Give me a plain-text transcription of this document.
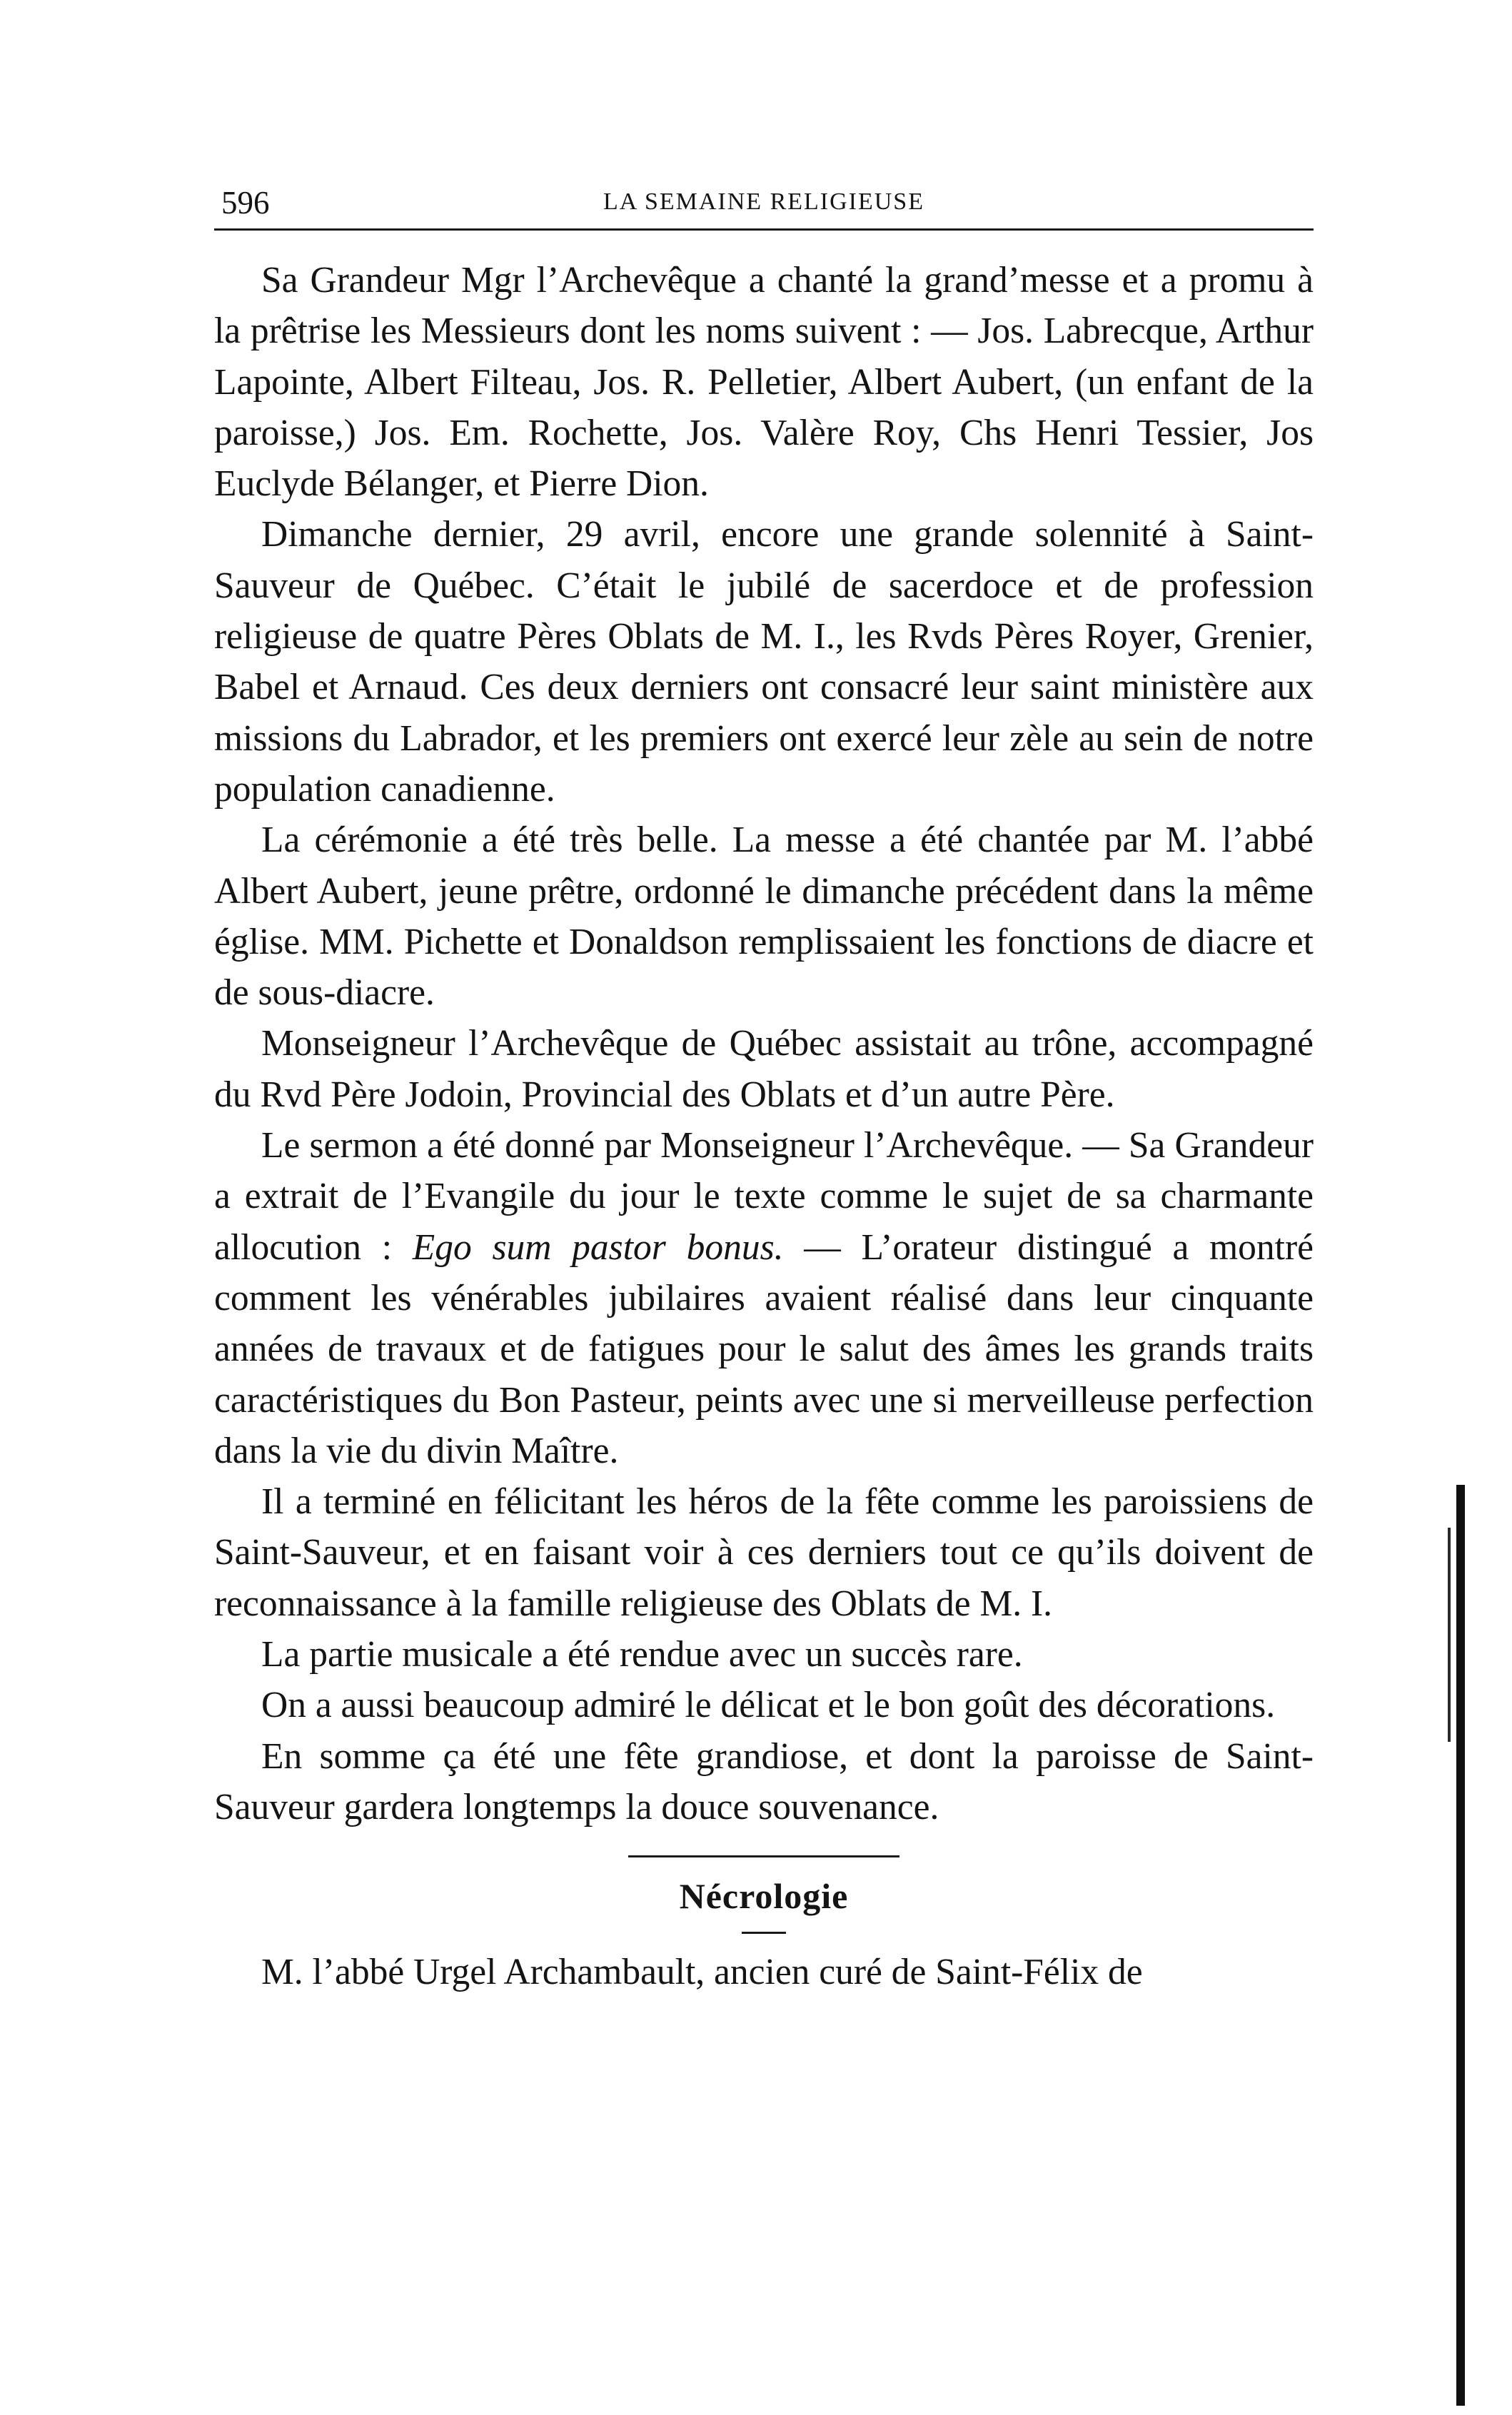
596	LA SEMAINE RELIGIEUSE

Sa Grandeur Mgr l’Archevêque a chanté la grand’messe et a promu à la prêtrise les Messieurs dont les noms suivent : — Jos. Labrecque, Arthur Lapointe, Albert Filteau, Jos. R. Pelletier, Albert Aubert, (un enfant de la paroisse,) Jos. Em. Rochette, Jos. Valère Roy, Chs Henri Tessier, Jos Euclyde Bélanger, et Pierre Dion.

Dimanche dernier, 29 avril, encore une grande solennité à Saint-Sauveur de Québec. C’était le jubilé de sacerdoce et de profession religieuse de quatre Pères Oblats de M. I., les Rvds Pères Royer, Grenier, Babel et Arnaud. Ces deux derniers ont consacré leur saint ministère aux missions du Labrador, et les premiers ont exercé leur zèle au sein de notre population canadienne.

La cérémonie a été très belle. La messe a été chantée par M. l’abbé Albert Aubert, jeune prêtre, ordonné le dimanche précédent dans la même église. MM. Pichette et Donaldson remplissaient les fonctions de diacre et de sous-diacre.

Monseigneur l’Archevêque de Québec assistait au trône, accompagné du Rvd Père Jodoin, Provincial des Oblats et d’un autre Père.

Le sermon a été donné par Monseigneur l’Archevêque. — Sa Grandeur a extrait de l’Evangile du jour le texte comme le sujet de sa charmante allocution : Ego sum pastor bonus. — L’orateur distingué a montré comment les vénérables jubilaires avaient réalisé dans leur cinquante années de travaux et de fatigues pour le salut des âmes les grands traits caractéristiques du Bon Pasteur, peints avec une si merveilleuse perfection dans la vie du divin Maître.

Il a terminé en félicitant les héros de la fête comme les paroissiens de Saint-Sauveur, et en faisant voir à ces derniers tout ce qu’ils doivent de reconnaissance à la famille religieuse des Oblats de M. I.

La partie musicale a été rendue avec un succès rare.

On a aussi beaucoup admiré le délicat et le bon goût des décorations.

En somme ça été une fête grandiose, et dont la paroisse de Saint-Sauveur gardera longtemps la douce souvenance.

Nécrologie

M. l’abbé Urgel Archambault, ancien curé de Saint-Félix de
